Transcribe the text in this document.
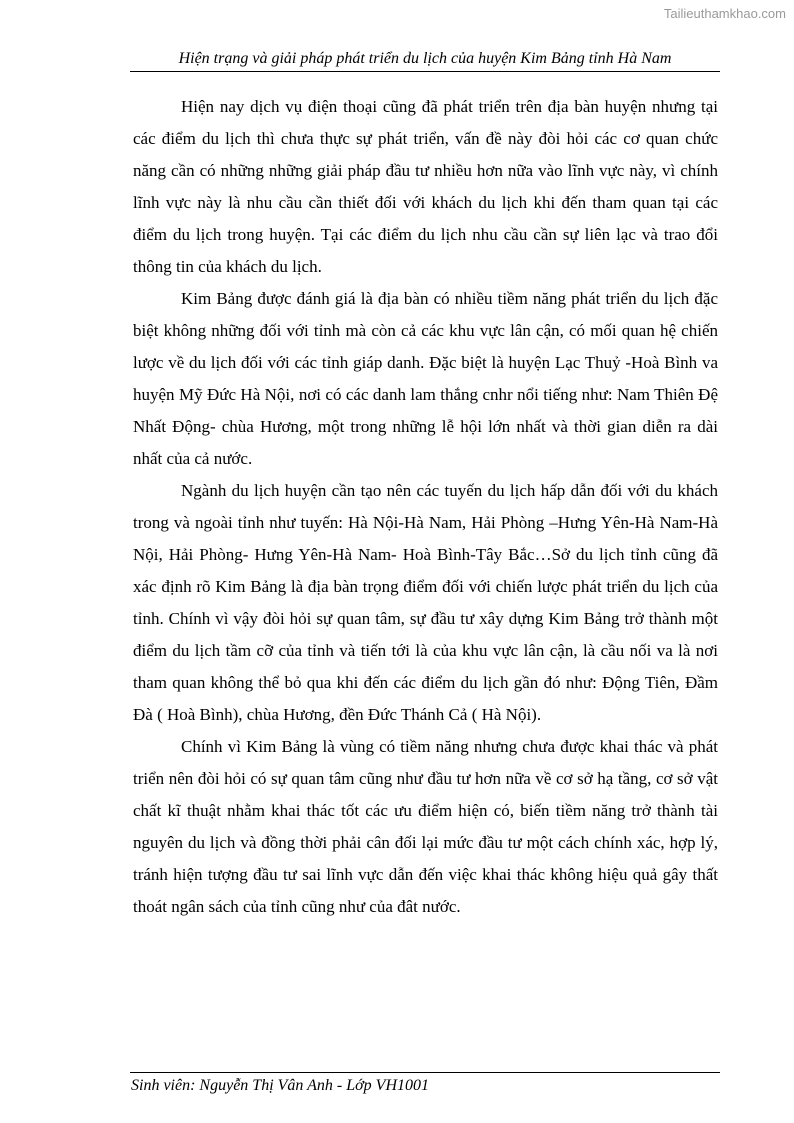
Tailieuthamkhao.com
Hiện trạng và giải pháp phát triển du lịch của huyện Kim Bảng tỉnh Hà Nam

Hiện nay dịch vụ điện thoại cũng đã phát triển trên địa bàn huyện nhưng tại các điểm du lịch thì chưa thực sự phát triển, vấn đề này đòi hỏi các cơ quan chức năng cần có những những giải pháp đầu tư nhiều hơn nữa vào lĩnh vực này, vì chính lĩnh vực này là nhu cầu cần thiết đối với khách du lịch khi đến tham quan tại các điểm du lịch trong huyện. Tại các điểm du lịch nhu cầu cần sự liên lạc và trao đổi thông tin của khách du lịch.

Kim Bảng được đánh giá là địa bàn có nhiều tiềm năng phát triển du lịch đặc biệt không những đối với tỉnh mà còn cả các khu vực lân cận, có mối quan hệ chiến lược về du lịch đối với các tỉnh giáp danh. Đặc biệt là huyện Lạc Thuỷ -Hoà Bình va huyện Mỹ Đức Hà Nội, nơi có các danh lam thắng cnhr nổi tiếng như: Nam Thiên Đệ Nhất Động- chùa Hương, một trong những lễ hội lớn nhất và thời gian diễn ra dài nhất của cả nước.

Ngành du lịch huyện cần tạo nên các tuyến du lịch hấp dẫn đối với du khách trong và ngoài tỉnh như tuyến: Hà Nội-Hà Nam, Hải Phòng –Hưng Yên-Hà Nam-Hà Nội, Hải Phòng- Hưng Yên-Hà Nam- Hoà Bình-Tây Bắc…Sở du lịch tỉnh cũng đã xác định rõ Kim Bảng là địa bàn trọng điểm đối với chiến lược phát triển du lịch của tỉnh. Chính vì vậy đòi hỏi sự quan tâm, sự đầu tư xây dựng Kim Bảng trở thành một điểm du lịch tầm cỡ của tỉnh và tiến tới là của khu vực lân cận, là cầu nối va là nơi tham quan không thể bỏ qua khi đến các điểm du lịch gần đó như: Động Tiên, Đầm Đà ( Hoà Bình), chùa Hương, đền Đức Thánh Cả ( Hà Nội).

Chính vì Kim Bảng là vùng có tiềm năng nhưng chưa được khai thác và phát triển nên đòi hỏi có sự quan tâm cũng như đầu tư hơn nữa về cơ sở hạ tầng, cơ sở vật chất kĩ thuật nhằm khai thác tốt các ưu điểm hiện có, biến tiềm năng trở thành tài nguyên du lịch và đồng thời phải cân đối lại mức đầu tư một cách chính xác, hợp lý, tránh hiện tượng đầu tư sai lĩnh vực dẫn đến việc khai thác không hiệu quả gây thất thoát ngân sách của tỉnh cũng như của đât nước.

Sinh viên: Nguyễn Thị Vân Anh - Lớp VH1001
